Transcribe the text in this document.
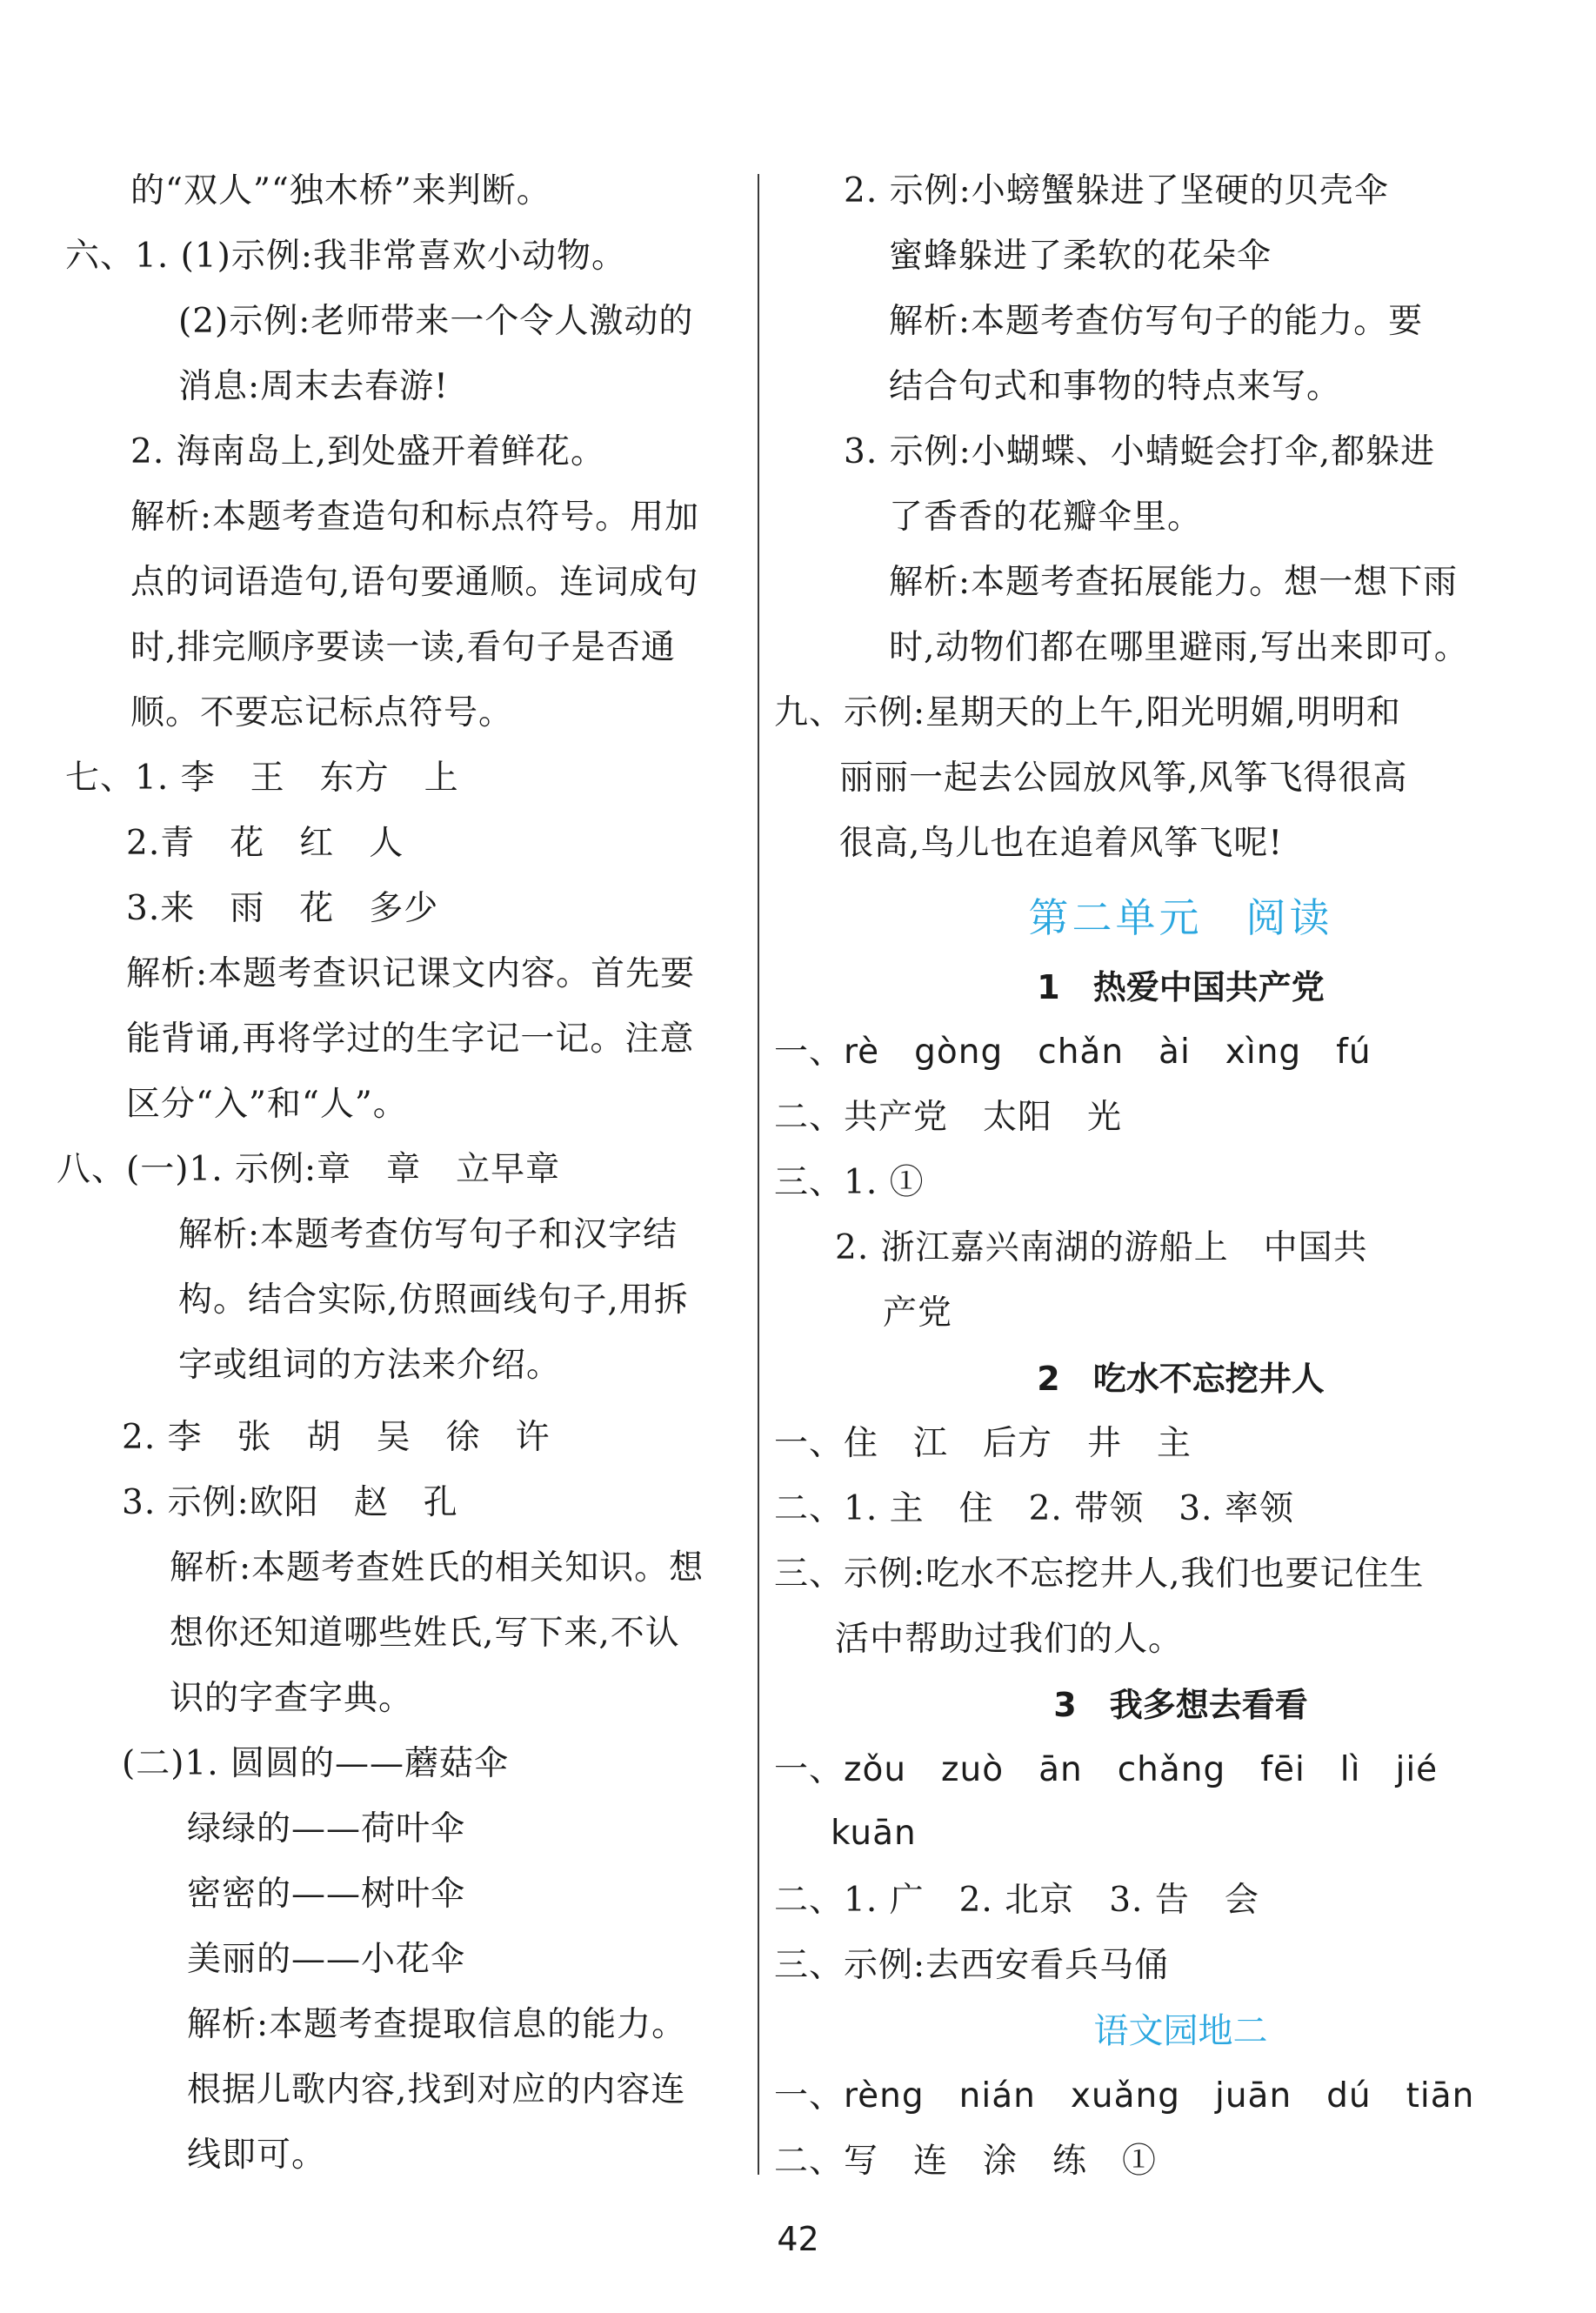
的“双人”“独木桥”来判断。
六、1. (1)示例:我非常喜欢小动物。
(2)示例:老师带来一个令人激动的
消息:周末去春游!
2. 海南岛上,到处盛开着鲜花。
解析:本题考查造句和标点符号。用加
点的词语造句,语句要通顺。连词成句
时,排完顺序要读一读,看句子是否通
顺。不要忘记标点符号。
七、1. 李　王　东方　上
2.青　花　红　人
3.来　雨　花　多少
解析:本题考查识记课文内容。首先要
能背诵,再将学过的生字记一记。注意
区分“入”和“人”。
八、(一)1. 示例:章　章　立早章
解析:本题考查仿写句子和汉字结
构。结合实际,仿照画线句子,用拆
字或组词的方法来介绍。
2. 李　张　胡　吴　徐　许
3. 示例:欧阳　赵　孔
解析:本题考查姓氏的相关知识。想
想你还知道哪些姓氏,写下来,不认
识的字查字典。
(二)1. 圆圆的——蘑菇伞
绿绿的——荷叶伞
密密的——树叶伞
美丽的——小花伞
解析:本题考查提取信息的能力。
根据儿歌内容,找到对应的内容连
线即可。
2. 示例:小螃蟹躲进了坚硬的贝壳伞
蜜蜂躲进了柔软的花朵伞
解析:本题考查仿写句子的能力。要
结合句式和事物的特点来写。
3. 示例:小蝴蝶、小蜻蜓会打伞,都躲进
了香香的花瓣伞里。
解析:本题考查拓展能力。想一想下雨
时,动物们都在哪里避雨,写出来即可。
九、示例:星期天的上午,阳光明媚,明明和
丽丽一起去公园放风筝,风筝飞得很高
很高,鸟儿也在追着风筝飞呢!
第二单元　阅读
1　热爱中国共产党
一、rè　gòng　chǎn　ài　xìng　fú
二、共产党　太阳　光
三、1. ①
2. 浙江嘉兴南湖的游船上　中国共
产党
2　吃水不忘挖井人
一、住　江　后方　井　主
二、1. 主　住　2. 带领　3. 率领
三、示例:吃水不忘挖井人,我们也要记住生
活中帮助过我们的人。
3　我多想去看看
一、zǒu　zuò　ān　chǎng　fēi　lì　jié
kuān
二、1. 广　2. 北京　3. 告　会
三、示例:去西安看兵马俑
语文园地二
一、rèng　nián　xuǎng　juān　dú　tiān
二、写　连　涂　练　①
42
